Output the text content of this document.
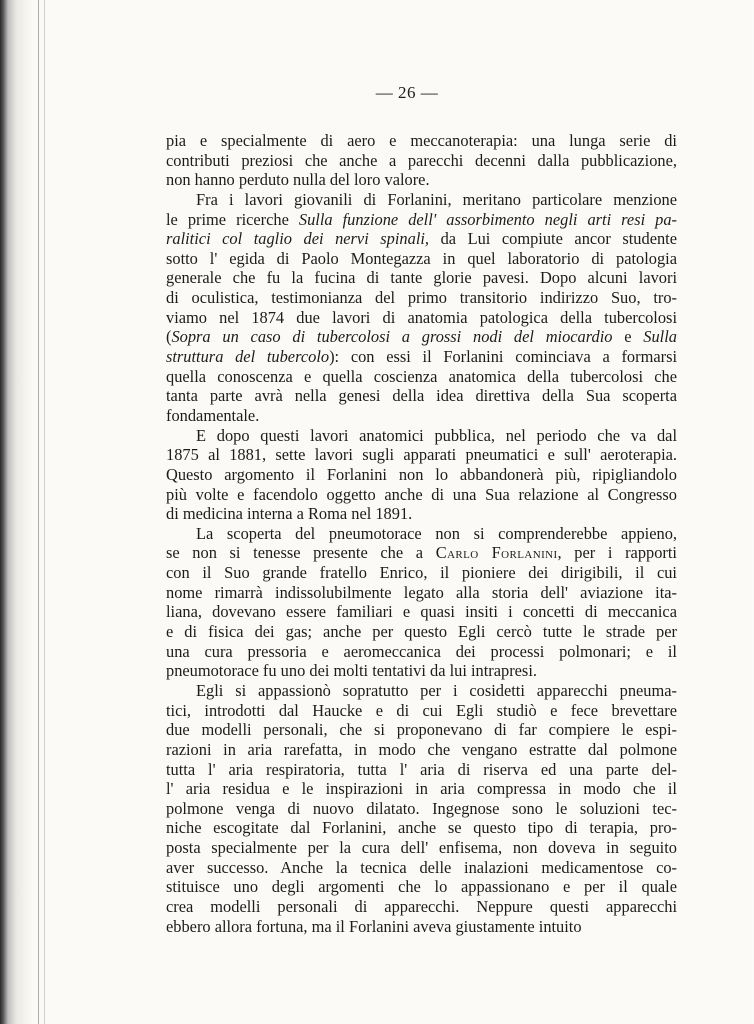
— 26 —
pia e specialmente di aero e meccanoterapia: una lunga serie di
contributi preziosi che anche a parecchi decenni dalla pubblicazione,
non hanno perduto nulla del loro valore.
Fra i lavori giovanili di Forlanini, meritano particolare menzione
le prime ricerche Sulla funzione dell' assorbimento negli arti resi pa-
ralitici col taglio dei nervi spinali, da Lui compiute ancor studente
sotto l' egida di Paolo Montegazza in quel laboratorio di patologia
generale che fu la fucina di tante glorie pavesi. Dopo alcuni lavori
di oculistica, testimonianza del primo transitorio indirizzo Suo, tro-
viamo nel 1874 due lavori di anatomia patologica della tubercolosi
(Sopra un caso di tubercolosi a grossi nodi del miocardio e Sulla
struttura del tubercolo): con essi il Forlanini cominciava a formarsi
quella conoscenza e quella coscienza anatomica della tubercolosi che
tanta parte avrà nella genesi della idea direttiva della Sua scoperta
fondamentale.
E dopo questi lavori anatomici pubblica, nel periodo che va dal
1875 al 1881, sette lavori sugli apparati pneumatici e sull' aeroterapia.
Questo argomento il Forlanini non lo abbandonerà più, ripigliandolo
più volte e facendolo oggetto anche di una Sua relazione al Congresso
di medicina interna a Roma nel 1891.
La scoperta del pneumotorace non si comprenderebbe appieno,
se non si tenesse presente che a Carlo Forlanini, per i rapporti
con il Suo grande fratello Enrico, il pioniere dei dirigibili, il cui
nome rimarrà indissolubilmente legato alla storia dell' aviazione ita-
liana, dovevano essere familiari e quasi insiti i concetti di meccanica
e di fisica dei gas; anche per questo Egli cercò tutte le strade per
una cura pressoria e aeromeccanica dei processi polmonari; e il
pneumotorace fu uno dei molti tentativi da lui intrapresi.
Egli si appassionò sopratutto per i cosidetti apparecchi pneuma-
tici, introdotti dal Haucke e di cui Egli studiò e fece brevettare
due modelli personali, che si proponevano di far compiere le espi-
razioni in aria rarefatta, in modo che vengano estratte dal polmone
tutta l' aria respiratoria, tutta l' aria di riserva ed una parte del-
l' aria residua e le inspirazioni in aria compressa in modo che il
polmone venga di nuovo dilatato. Ingegnose sono le soluzioni tec-
niche escogitate dal Forlanini, anche se questo tipo di terapia, pro-
posta specialmente per la cura dell' enfisema, non doveva in seguito
aver successo. Anche la tecnica delle inalazioni medicamentose co-
stituisce uno degli argomenti che lo appassionano e per il quale
crea modelli personali di apparecchi. Neppure questi apparecchi
ebbero allora fortuna, ma il Forlanini aveva giustamente intuito
